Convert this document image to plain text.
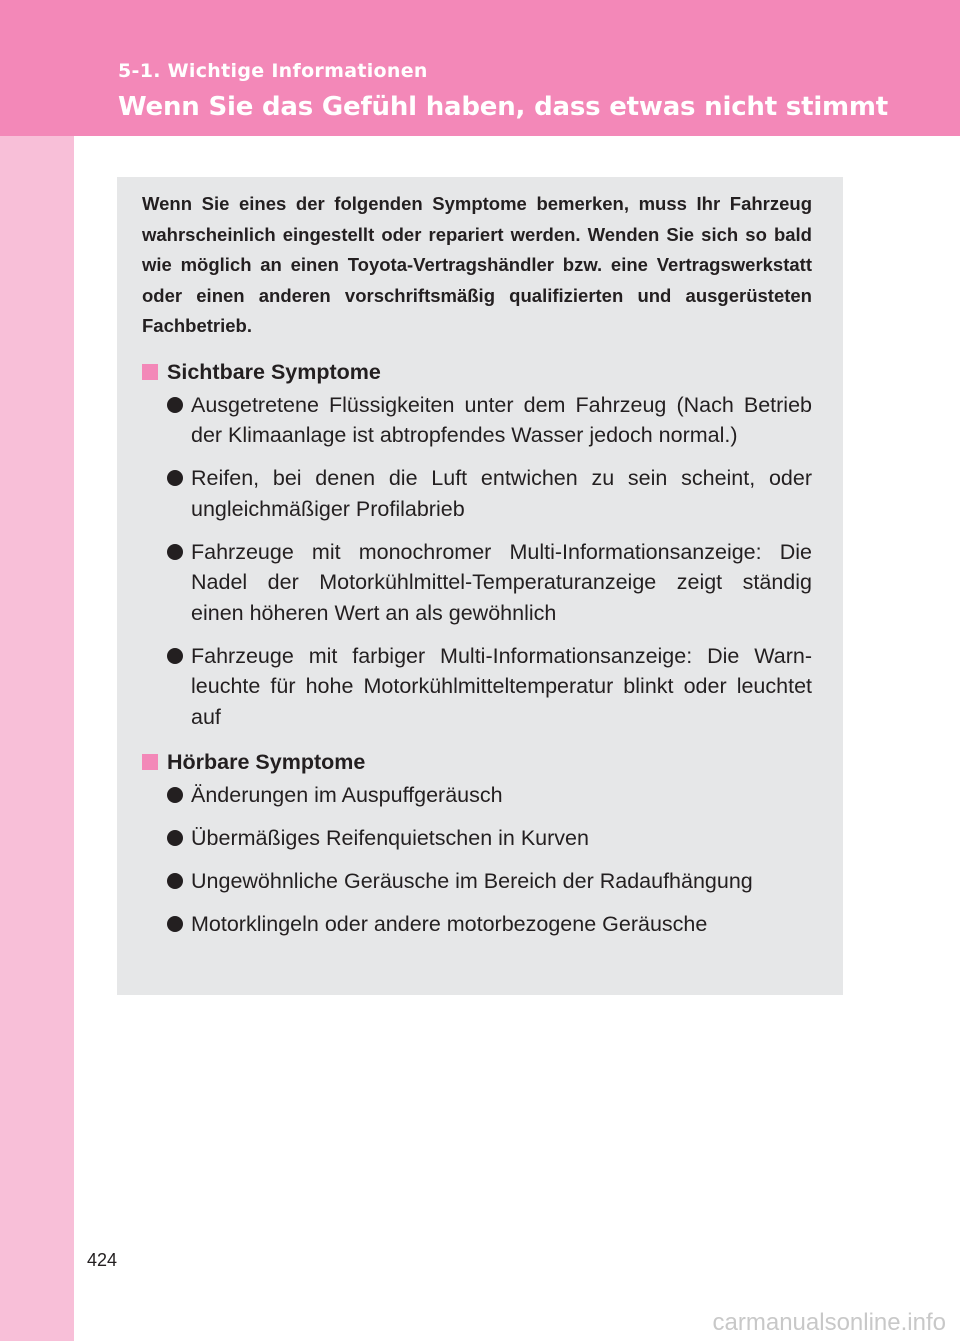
5-1. Wichtige Informationen
Wenn Sie das Gefühl haben, dass etwas nicht stimmt

Wenn Sie eines der folgenden Symptome bemerken, muss Ihr Fahrzeug wahrscheinlich eingestellt oder repariert werden. Wenden Sie sich so bald wie möglich an einen Toyota-Vertragshändler bzw. eine Vertragswerkstatt oder einen anderen vorschriftsmäßig qualifizierten und ausgerüsteten Fachbetrieb.

Sichtbare Symptome
Ausgetretene Flüssigkeiten unter dem Fahrzeug (Nach Betrieb der Klimaanlage ist abtropfendes Wasser jedoch normal.)
Reifen, bei denen die Luft entwichen zu sein scheint, oder ungleichmäßiger Profilabrieb
Fahrzeuge mit monochromer Multi-Informationsanzeige: Die Nadel der Motorkühlmittel-Temperaturanzeige zeigt ständig einen höheren Wert an als gewöhnlich
Fahrzeuge mit farbiger Multi-Informationsanzeige: Die Warnleuchte für hohe Motorkühlmitteltemperatur blinkt oder leuchtet auf
Hörbare Symptome
Änderungen im Auspuffgeräusch
Übermäßiges Reifenquietschen in Kurven
Ungewöhnliche Geräusche im Bereich der Radaufhängung
Motorklingeln oder andere motorbezogene Geräusche
424
carmanualsonline.info
